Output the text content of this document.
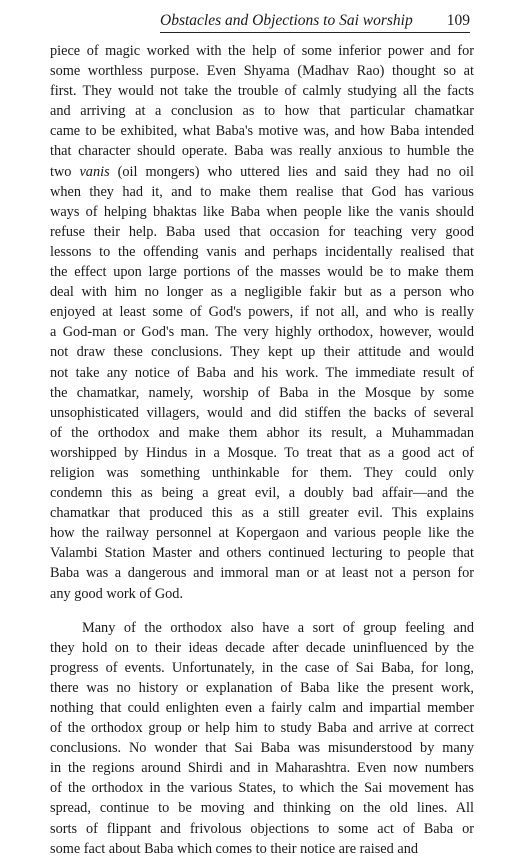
Obstacles and Objections to Sai worship 109

piece of magic worked with the help of some inferior power and for
some worthless purpose. Even Shyama (Madhav Rao) thought so at
first. They would not take the trouble of calmly studying all the facts
and arriving at a conclusion as to how that particular chamatkar
came to be exhibited, what Baba's motive was, and how Baba intended
that character should operate. Baba was really anxious to humble the
two vanis (oil mongers) who uttered lies and said they had no oil
when they had it, and to make them realise that God has various
ways of helping bhaktas like Baba when people like the vanis should
refuse their help. Baba used that occasion for teaching very good
lessons to the offending vanis and perhaps incidentally realised that
the effect upon large portions of the masses would be to make them
deal with him no longer as a negligible fakir but as a person who
enjoyed at least some of God's powers, if not all, and who is really
a God-man or God's man. The very highly orthodox, however, would
not draw these conclusions. They kept up their attitude and would
not take any notice of Baba and his work. The immediate result of
the chamatkar, namely, worship of Baba in the Mosque by some
unsophisticated villagers, would and did stiffen the backs of several
of the orthodox and make them abhor its result, a Muhammadan
worshipped by Hindus in a Mosque. To treat that as a good act of
religion was something unthinkable for them. They could only
condemn this as being a great evil, a doubly bad affair—and the
chamatkar that produced this as a still greater evil. This explains
how the railway personnel at Kopergaon and various people like the
Valambi Station Master and others continued lecturing to people that
Baba was a dangerous and immoral man or at least not a person for
any good work of God.

Many of the orthodox also have a sort of group feeling and
they hold on to their ideas decade after decade uninfluenced by the
progress of events. Unfortunately, in the case of Sai Baba, for long,
there was no history or explanation of Baba like the present work,
nothing that could enlighten even a fairly calm and impartial member
of the orthodox group or help him to study Baba and arrive at correct
conclusions. No wonder that Sai Baba was misunderstood by many
in the regions around Shirdi and in Maharashtra. Even now numbers
of the orthodox in the various States, to which the Sai movement has
spread, continue to be moving and thinking on the old lines. All
sorts of flippant and frivolous objections to some act of Baba or
some fact about Baba which comes to their notice are raised and
